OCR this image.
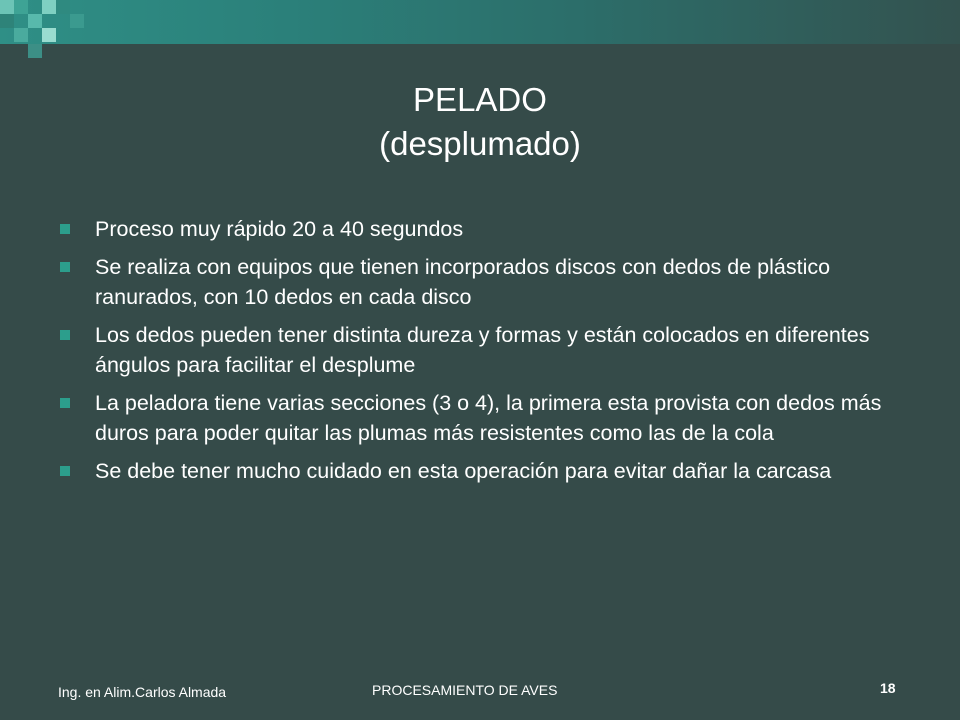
PELADO
(desplumado)
Proceso muy rápido 20 a 40 segundos
Se realiza con equipos que tienen incorporados discos con dedos de plástico ranurados, con 10 dedos en cada disco
Los dedos pueden tener distinta dureza y formas y están colocados en diferentes ángulos para facilitar el desplume
La peladora tiene varias secciones (3 o 4), la primera esta provista con dedos más duros para poder quitar las plumas más resistentes como las de la cola
Se debe tener mucho cuidado en esta operación para evitar dañar la carcasa
Ing. en Alim.Carlos Almada	PROCESAMIENTO DE AVES	18
